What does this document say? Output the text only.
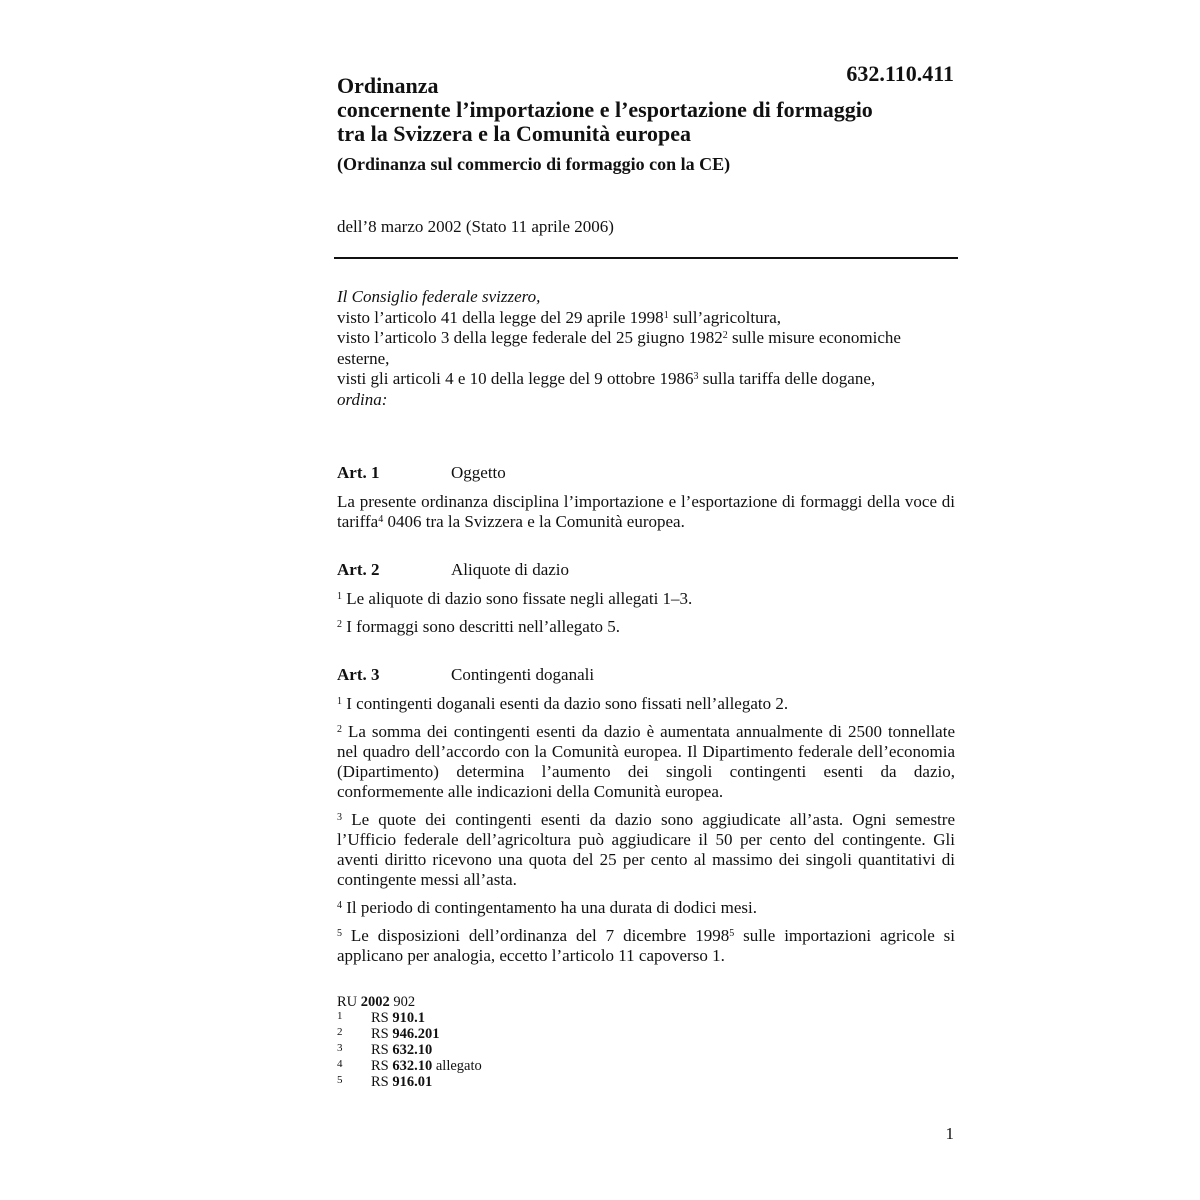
632.110.411
Ordinanza
concernente l’importazione e l’esportazione di formaggio
tra la Svizzera e la Comunità europea
(Ordinanza sul commercio di formaggio con la CE)
dell’8 marzo 2002 (Stato 11 aprile 2006)
Il Consiglio federale svizzero,
visto l’articolo 41 della legge del 29 aprile 1998$^1$ sull’agricoltura,
visto l’articolo 3 della legge federale del 25 giugno 1982$^2$ sulle misure economiche esterne,
visti gli articoli 4 e 10 della legge del 9 ottobre 1986$^3$ sulla tariffa delle dogane,
ordina:
Art. 1	Oggetto

La presente ordinanza disciplina l’importazione e l’esportazione di formaggi della voce di tariffa$^4$ 0406 tra la Svizzera e la Comunità europea.

Art. 2	Aliquote di dazio

$^1$ Le aliquote di dazio sono fissate negli allegati 1–3.

$^2$ I formaggi sono descritti nell’allegato 5.

Art. 3	Contingenti doganali

$^1$ I contingenti doganali esenti da dazio sono fissati nell’allegato 2.

$^2$ La somma dei contingenti esenti da dazio è aumentata annualmente di 2500 tonnellate nel quadro dell’accordo con la Comunità europea. Il Dipartimento federale dell’economia (Dipartimento) determina l’aumento dei singoli contingenti esenti da dazio, conformemente alle indicazioni della Comunità europea.

$^3$ Le quote dei contingenti esenti da dazio sono aggiudicate all’asta. Ogni semestre l’Ufficio federale dell’agricoltura può aggiudicare il 50 per cento del contingente. Gli aventi diritto ricevono una quota del 25 per cento al massimo dei singoli quantitativi di contingente messi all’asta.

$^4$ Il periodo di contingentamento ha una durata di dodici mesi.

$^5$ Le disposizioni dell’ordinanza del 7 dicembre 1998$^5$ sulle importazioni agricole si applicano per analogia, eccetto l’articolo 11 capoverso 1.

RU 2002 902
1	RS 910.1
2	RS 946.201
3	RS 632.10
4	RS 632.10 allegato
5	RS 916.01
1
